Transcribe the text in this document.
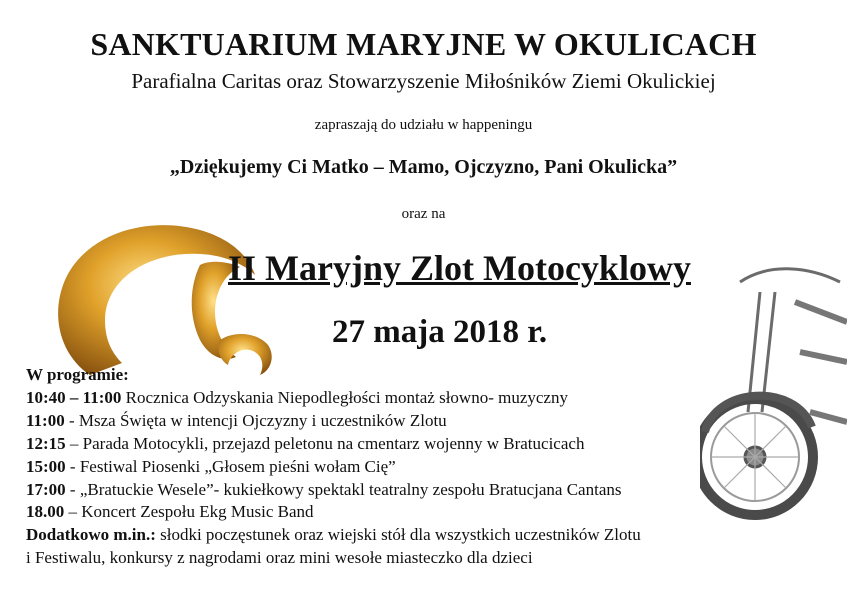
SANKTUARIUM MARYJNE W OKULICACH
Parafialna Caritas oraz Stowarzyszenie Miłośników Ziemi Okulickiej
zapraszają do udziału w happeningu
„Dziękujemy Ci Matko – Mamo, Ojczyzno, Pani Okulicka”
oraz na
II Maryjny Zlot Motocyklowy
27 maja 2018 r.
W programie:
10:40 – 11:00 Rocznica Odzyskania Niepodległości montaż słowno- muzyczny
11:00 - Msza Święta w intencji Ojczyzny i uczestników Zlotu
12:15 – Parada Motocykli, przejazd peletonu na cmentarz wojenny w Bratucicach
15:00 - Festiwal Piosenki „Głosem pieśni wołam Cię”
17:00 - „Bratuckie Wesele”- kukiełkowy spektakl teatralny zespołu Bratucjana Cantans
18.00 – Koncert Zespołu Ekg Music Band
Dodatkowo m.in.: słodki poczęstunek oraz wiejski stół dla wszystkich uczestników Zlotu
i Festiwalu, konkursy z nagrodami oraz mini wesołe miasteczko dla dzieci
